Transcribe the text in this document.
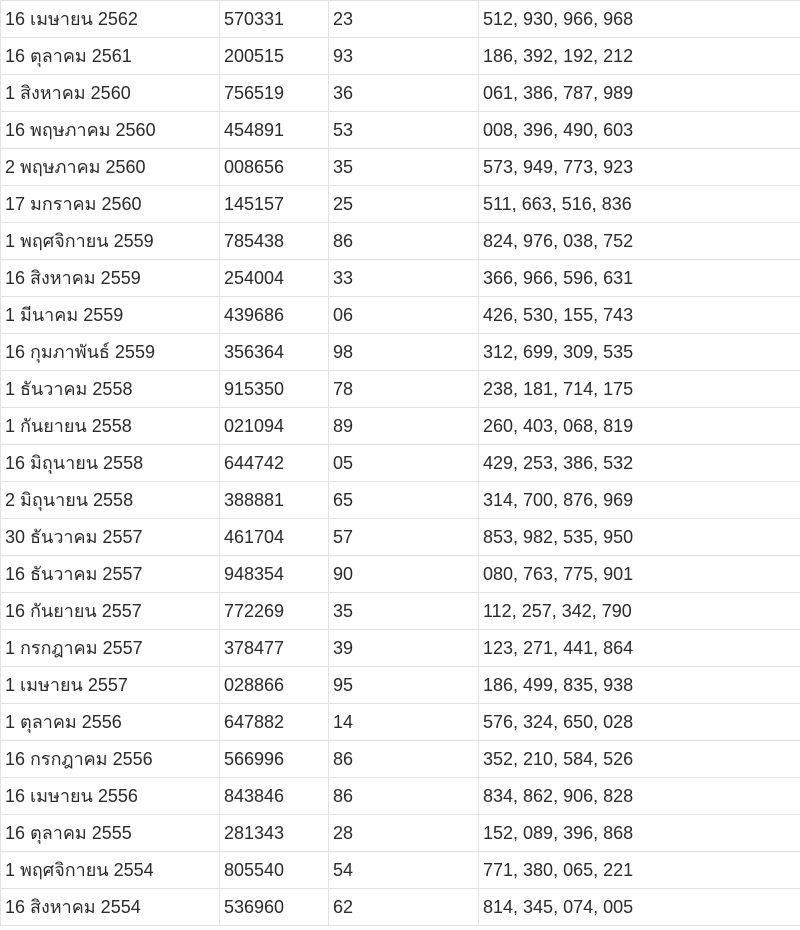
16 เมษายน 2562	570331	23	512, 930, 966, 968
16 ตุลาคม 2561	200515	93	186, 392, 192, 212
1 สิงหาคม 2560	756519	36	061, 386, 787, 989
16 พฤษภาคม 2560	454891	53	008, 396, 490, 603
2 พฤษภาคม 2560	008656	35	573, 949, 773, 923
17 มกราคม 2560	145157	25	511, 663, 516, 836
1 พฤศจิกายน 2559	785438	86	824, 976, 038, 752
16 สิงหาคม 2559	254004	33	366, 966, 596, 631
1 มีนาคม 2559	439686	06	426, 530, 155, 743
16 กุมภาพันธ์ 2559	356364	98	312, 699, 309, 535
1 ธันวาคม 2558	915350	78	238, 181, 714, 175
1 กันยายน 2558	021094	89	260, 403, 068, 819
16 มิถุนายน 2558	644742	05	429, 253, 386, 532
2 มิถุนายน 2558	388881	65	314, 700, 876, 969
30 ธันวาคม 2557	461704	57	853, 982, 535, 950
16 ธันวาคม 2557	948354	90	080, 763, 775, 901
16 กันยายน 2557	772269	35	112, 257, 342, 790
1 กรกฎาคม 2557	378477	39	123, 271, 441, 864
1 เมษายน 2557	028866	95	186, 499, 835, 938
1 ตุลาคม 2556	647882	14	576, 324, 650, 028
16 กรกฎาคม 2556	566996	86	352, 210, 584, 526
16 เมษายน 2556	843846	86	834, 862, 906, 828
16 ตุลาคม 2555	281343	28	152, 089, 396, 868
1 พฤศจิกายน 2554	805540	54	771, 380, 065, 221
16 สิงหาคม 2554	536960	62	814, 345, 074, 005
